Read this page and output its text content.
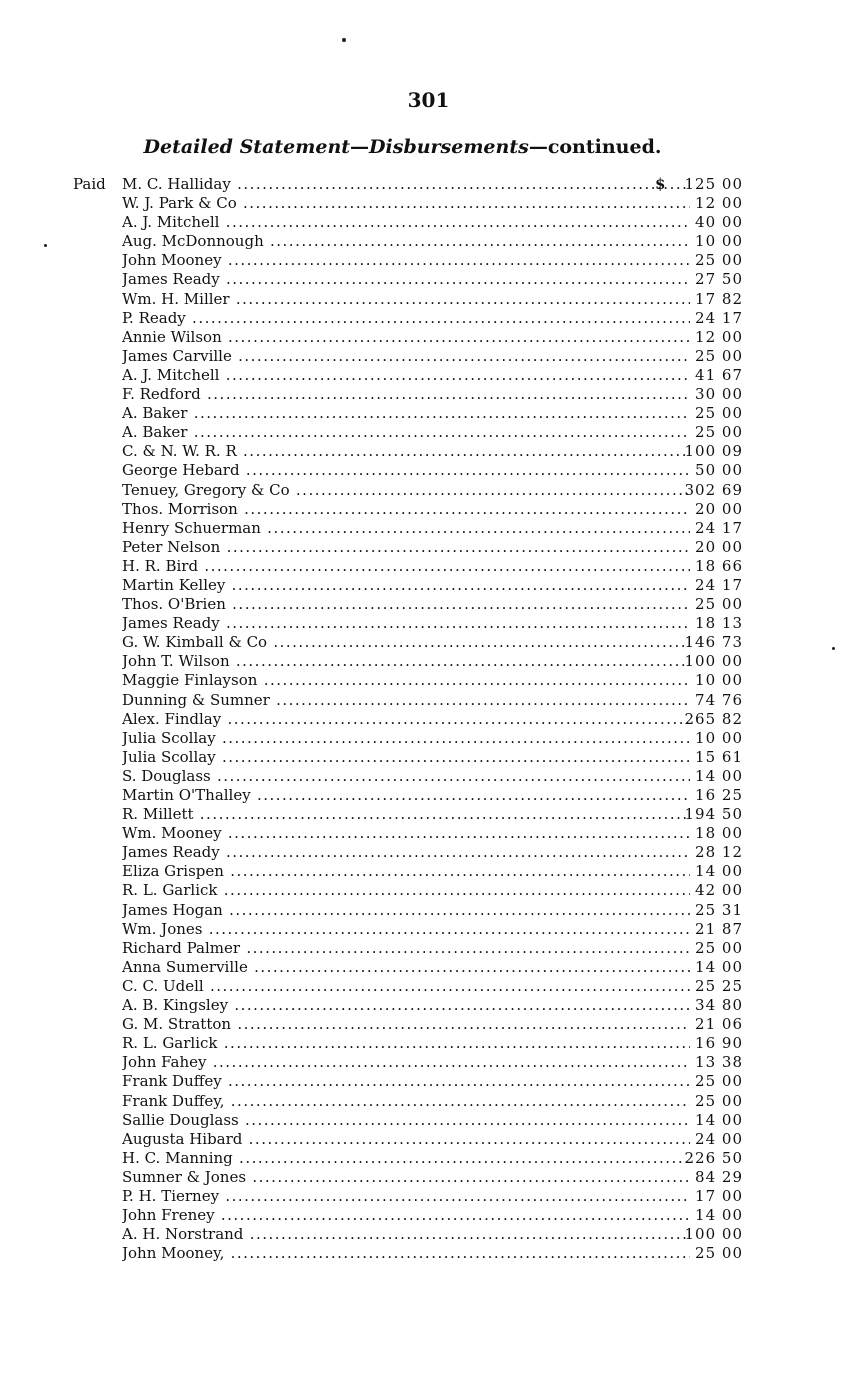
301
Detailed Statement—Disbursements—continued.
Paid	$
M. C. Halliday .....	125 00
W. J. Park & Co .....	12 00
A. J. Mitchell .....	40 00
Aug. McDonnough .....	10 00
John Mooney .....	25 00
James Ready .....	27 50
Wm. H. Miller .....	17 82
P. Ready .....	24 17
Annie Wilson .....	12 00
James Carville .....	25 00
A. J. Mitchell .....	41 67
F. Redford .....	30 00
A. Baker .....	25 00
A. Baker .....	25 00
C. & N. W. R. R .....	100 09
George Hebard .....	50 00
Tenuey, Gregory & Co .....	302 69
Thos. Morrison .....	20 00
Henry Schuerman .....	24 17
Peter Nelson .....	20 00
H. R. Bird .....	18 66
Martin Kelley .....	24 17
Thos. O'Brien .....	25 00
James Ready .....	18 13
G. W. Kimball & Co .....	146 73
John T. Wilson .....	100 00
Maggie Finlayson .....	10 00
Dunning & Sumner .....	74 76
Alex. Findlay .....	265 82
Julia Scollay .....	10 00
Julia Scollay .....	15 61
S. Douglass .....	14 00
Martin O'Thalley .....	16 25
R. Millett .....	194 50
Wm. Mooney .....	18 00
James Ready .....	28 12
Eliza Grispen .....	14 00
R. L. Garlick .....	42 00
James Hogan .....	25 31
Wm. Jones .....	21 87
Richard Palmer .....	25 00
Anna Sumerville .....	14 00
C. C. Udell .....	25 25
A. B. Kingsley .....	34 80
G. M. Stratton .....	21 06
R. L. Garlick .....	16 90
John Fahey .....	13 38
Frank Duffey .....	25 00
Frank Duffey, .....	25 00
Sallie Douglass .....	14 00
Augusta Hibard .....	24 00
H. C. Manning .....	226 50
Sumner & Jones .....	84 29
P. H. Tierney .....	17 00
John Freney .....	14 00
A. H. Norstrand .....	100 00
John Mooney, .....	25 00
